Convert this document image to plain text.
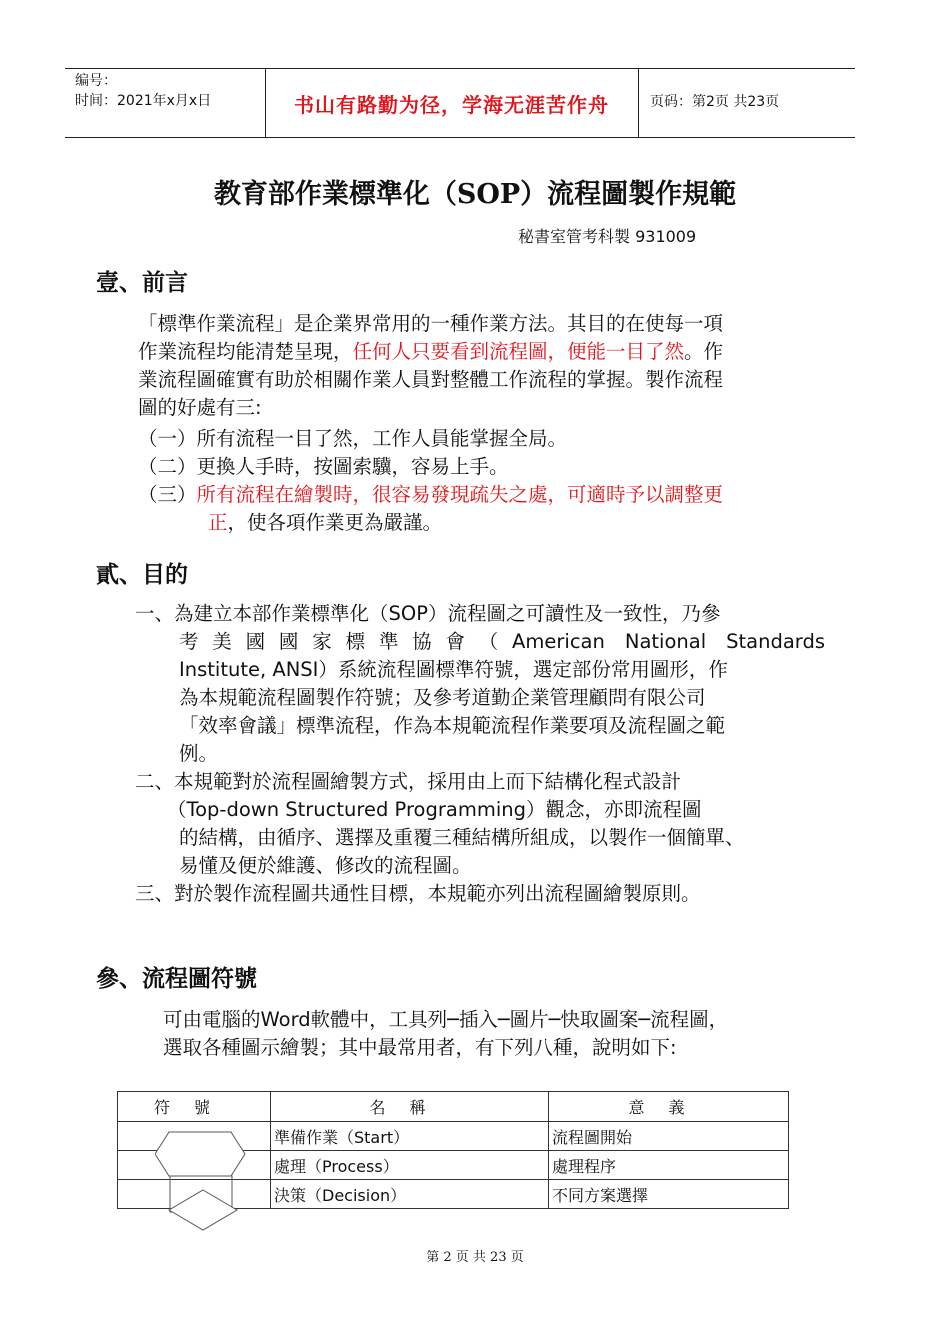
编号：
时间：2021年x月x日	书山有路勤为径，学海无涯苦作舟	页码：第2页 共23页
教育部作業標準化（SOP）流程圖製作規範
秘書室管考科製 931009
壹、前言
「標準作業流程」是企業界常用的一種作業方法。其目的在使每一項
作業流程均能清楚呈現，任何人只要看到流程圖，便能一目了然。作
業流程圖確實有助於相關作業人員對整體工作流程的掌握。製作流程
圖的好處有三:
（一）所有流程一目了然，工作人員能掌握全局。
（二）更換人手時，按圖索驥，容易上手。
（三）所有流程在繪製時，很容易發現疏失之處，可適時予以調整更
正，使各項作業更為嚴謹。
貳、目的
一、為建立本部作業標準化（SOP）流程圖之可讀性及一致性，乃參
考美國國家標準協會（American National Standards
Institute, ANSI）系統流程圖標準符號，選定部份常用圖形，作
為本規範流程圖製作符號；及參考道勤企業管理顧問有限公司
「效率會議」標準流程，作為本規範流程作業要項及流程圖之範
例。
二、本規範對於流程圖繪製方式，採用由上而下結構化程式設計
（Top-down Structured Programming）觀念，亦即流程圖
的結構，由循序、選擇及重覆三種結構所組成，以製作一個簡單、
易懂及便於維護、修改的流程圖。
三、對於製作流程圖共通性目標，本規範亦列出流程圖繪製原則。
參、流程圖符號
可由電腦的Word軟體中，工具列─插入─圖片─快取圖案─流程圖，
選取各種圖示繪製；其中最常用者，有下列八種，說明如下:
符號	名稱	意義
	準備作業（Start）	流程圖開始
	處理（Process）	處理程序
	決策（Decision）	不同方案選擇
第 2 页 共 23 页
